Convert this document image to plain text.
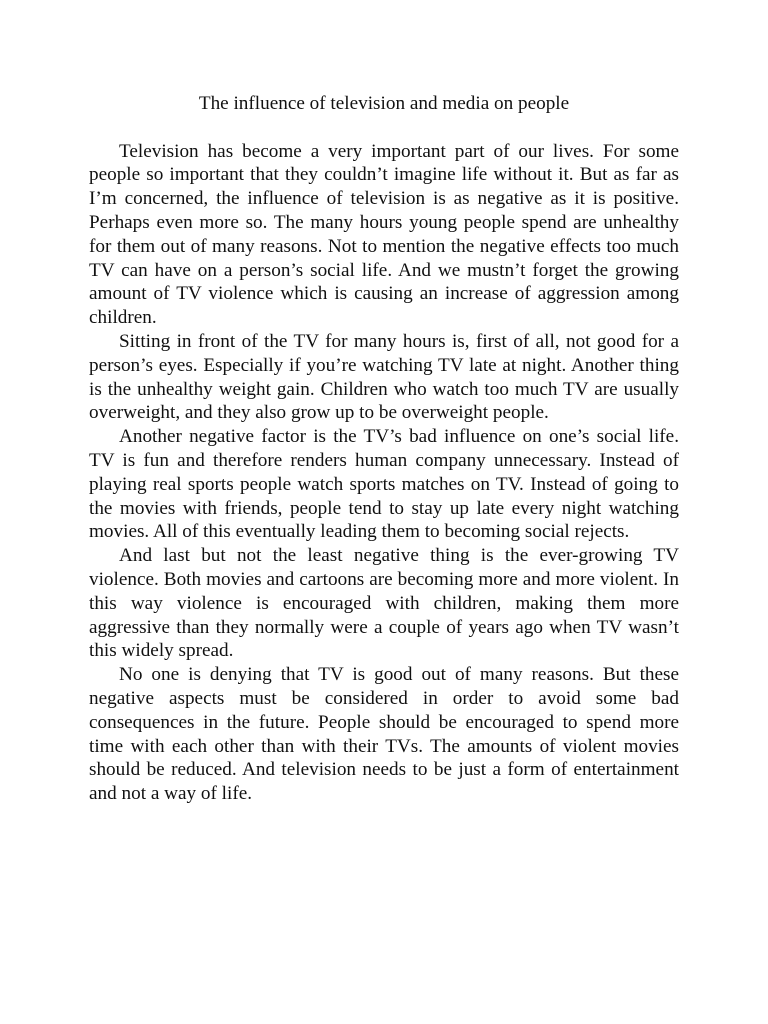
The influence of television and media on people

Television has become a very important part of our lives. For some people so important that they couldn’t imagine life without it. But as far as I’m concerned, the influence of television is as negative as it is positive. Perhaps even more so. The many hours young people spend are unhealthy for them out of many reasons. Not to mention the negative effects too much TV can have on a person’s social life. And we mustn’t forget the growing amount of TV violence which is causing an increase of aggression among children.

Sitting in front of the TV for many hours is, first of all, not good for a person’s eyes. Especially if you’re watching TV late at night. Another thing is the unhealthy weight gain. Children who watch too much TV are usually overweight, and they also grow up to be overweight people.

Another negative factor is the TV’s bad influence on one’s social life. TV is fun and therefore renders human company unnecessary. Instead of playing real sports people watch sports matches on TV. Instead of going to the movies with friends, people tend to stay up late every night watching movies. All of this eventually leading them to becoming social rejects.

And last but not the least negative thing is the ever-growing TV violence. Both movies and cartoons are becoming more and more violent. In this way violence is encouraged with children, making them more aggressive than they normally were a couple of years ago when TV wasn’t this widely spread.

No one is denying that TV is good out of many reasons. But these negative aspects must be considered in order to avoid some bad consequences in the future. People should be encouraged to spend more time with each other than with their TVs. The amounts of violent movies should be reduced. And television needs to be just a form of entertainment and not a way of life.
